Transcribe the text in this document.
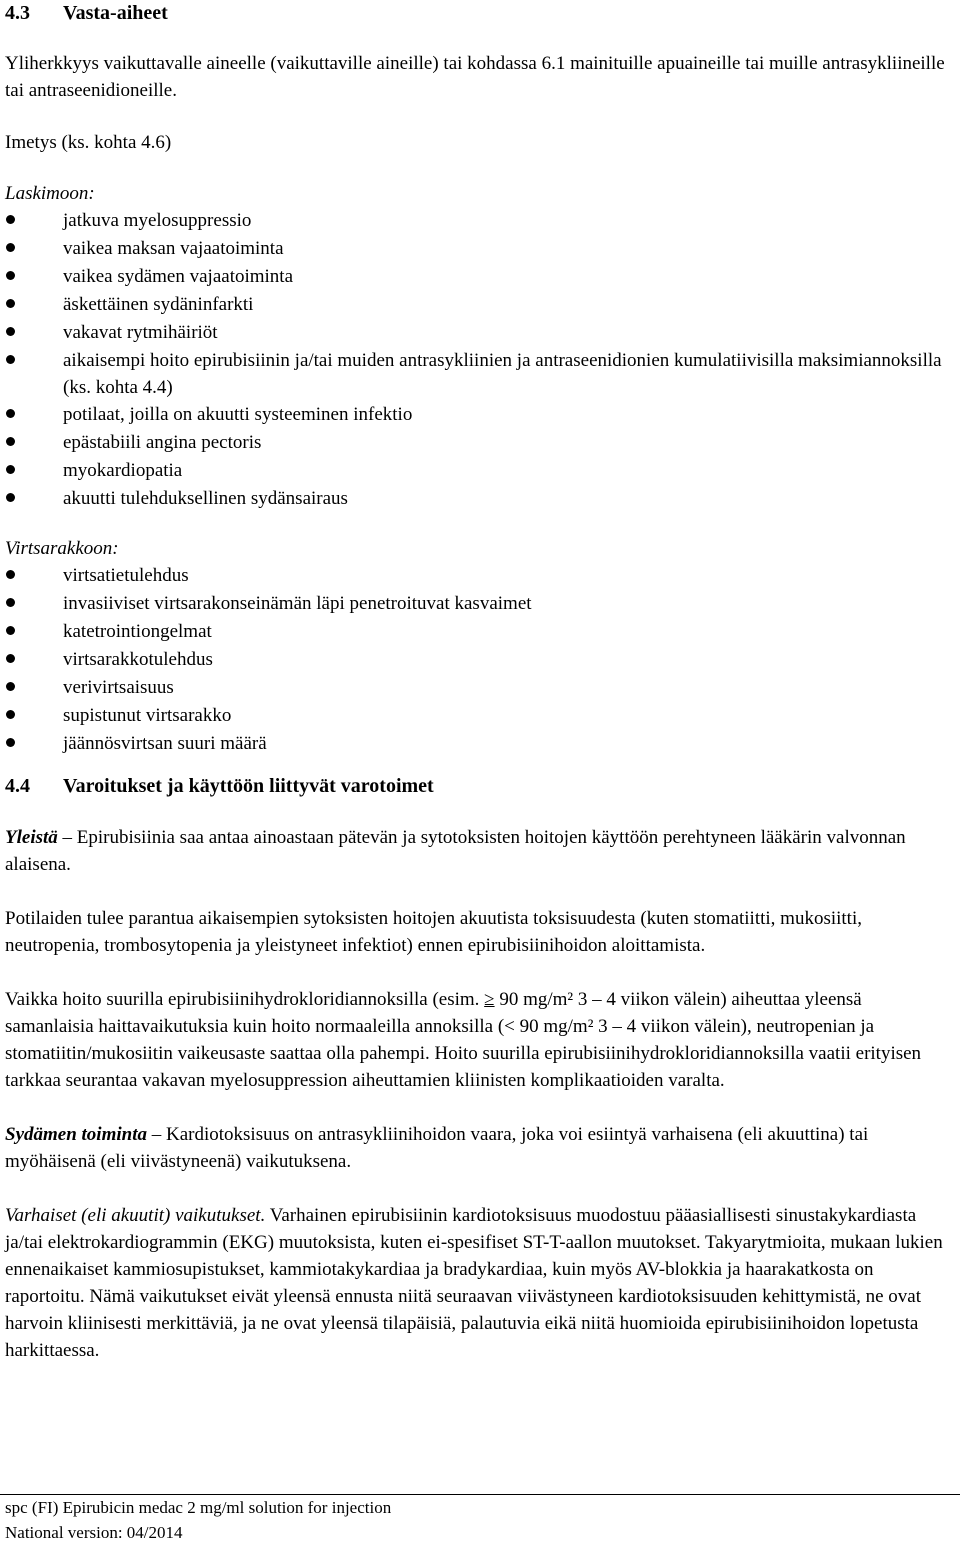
4.3	Vasta-aiheet

Yliherkkyys vaikuttavalle aineelle (vaikuttaville aineille) tai kohdassa 6.1 mainituille apuaineille tai muille antrasykliineille tai antraseenidioneille.

Imetys (ks. kohta 4.6)

Laskimoon:

jatkuva myelosuppressio
vaikea maksan vajaatoiminta
vaikea sydämen vajaatoiminta
äskettäinen sydäninfarkti
vakavat rytmihäiriöt
aikaisempi hoito epirubisiinin ja/tai muiden antrasykliinien ja antraseenidionien kumulatiivisilla maksimiannoksilla (ks. kohta 4.4)
potilaat, joilla on akuutti systeeminen infektio
epästabiili angina pectoris
myokardiopatia
akuutti tulehduksellinen sydänsairaus

Virtsarakkoon:

virtsatietulehdus
invasiiviset virtsarakonseinämän läpi penetroituvat kasvaimet
katetrointiongelmat
virtsarakkotulehdus
verivirtsaisuus
supistunut virtsarakko
jäännösvirtsan suuri määrä
4.4	Varoitukset ja käyttöön liittyvät varotoimet

Yleistä – Epirubisiinia saa antaa ainoastaan pätevän ja sytotoksisten hoitojen käyttöön perehtyneen lääkärin valvonnan alaisena.

Potilaiden tulee parantua aikaisempien sytoksisten hoitojen akuutista toksisuudesta (kuten stomatiitti, mukosiitti, neutropenia, trombosytopenia ja yleistyneet infektiot) ennen epirubisiinihoidon aloittamista.

Vaikka hoito suurilla epirubisiinihydrokloridiannoksilla (esim. ≥ 90 mg/m² 3 – 4 viikon välein) aiheuttaa yleensä samanlaisia haittavaikutuksia kuin hoito normaaleilla annoksilla (< 90 mg/m² 3 – 4 viikon välein), neutropenian ja stomatiitin/mukosiitin vaikeusaste saattaa olla pahempi. Hoito suurilla epirubisiinihydrokloridiannoksilla vaatii erityisen tarkkaa seurantaa vakavan myelosuppression aiheuttamien kliinisten komplikaatioiden varalta.

Sydämen toiminta – Kardiotoksisuus on antrasykliinihoidon vaara, joka voi esiintyä varhaisena (eli akuuttina) tai myöhäisenä (eli viivästyneenä) vaikutuksena.

Varhaiset (eli akuutit) vaikutukset. Varhainen epirubisiinin kardiotoksisuus muodostuu pääasiallisesti sinustakykardiasta ja/tai elektrokardiogrammin (EKG) muutoksista, kuten ei-spesifiset ST-T-aallon muutokset. Takyarytmioita, mukaan lukien ennenaikaiset kammiosupistukset, kammiotakykardiaa ja bradykardiaa, kuin myös AV-blokkia ja haarakatkosta on raportoitu. Nämä vaikutukset eivät yleensä ennusta niitä seuraavan viivästyneen kardiotoksisuuden kehittymistä, ne ovat harvoin kliinisesti merkittäviä, ja ne ovat yleensä tilapäisiä, palautuvia eikä niitä huomioida epirubisiinihoidon lopetusta harkittaessa.

spc (FI) Epirubicin medac 2 mg/ml solution for injection
National version: 04/2014
